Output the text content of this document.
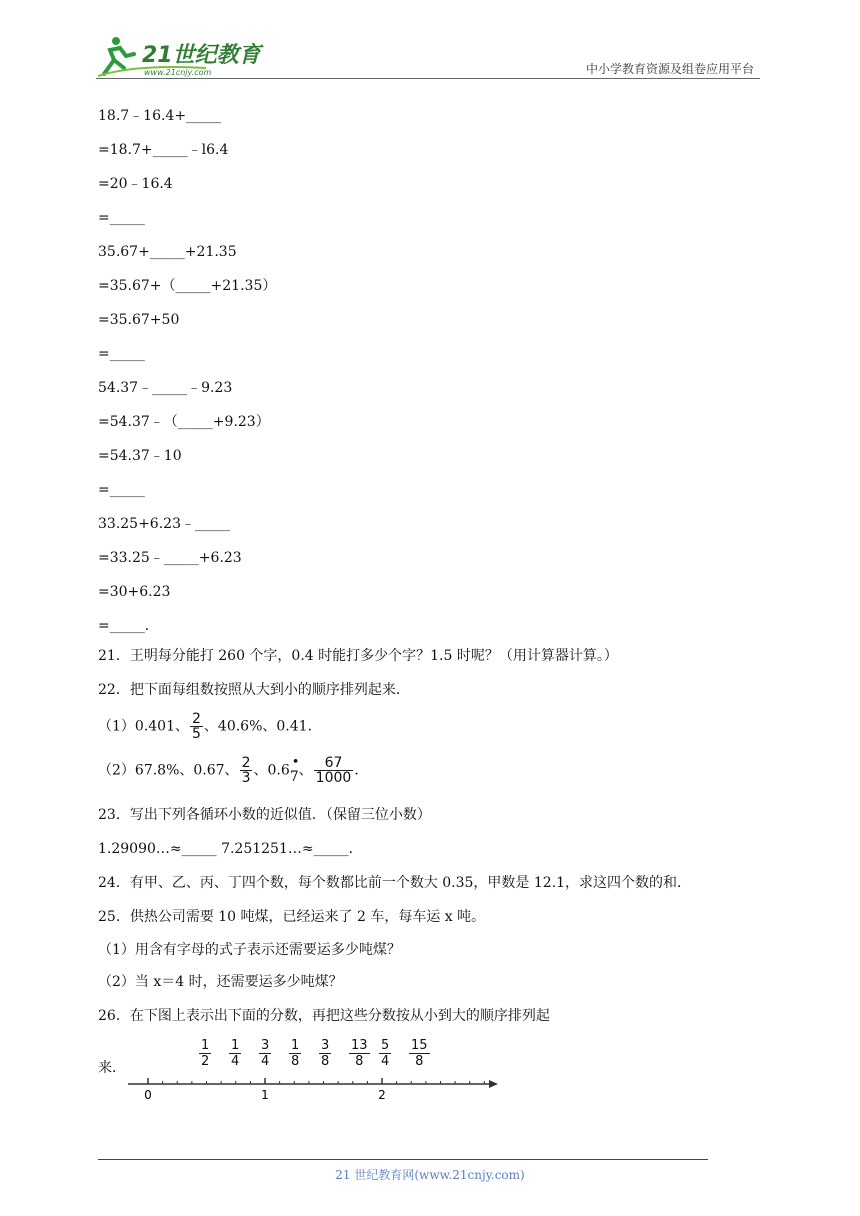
21世纪教育
www.21cnjy.com	中小学教育资源及组卷应用平台
18.7﹣16.4+_____
=18.7+_____﹣l6.4
=20﹣16.4
=_____
35.67+_____+21.35
=35.67+（_____+21.35）
=35.67+50
=_____
54.37﹣_____﹣9.23
=54.37﹣（_____+9.23）
=54.37﹣10
=_____
33.25+6.23﹣_____
=33.25﹣_____+6.23
=30+6.23
=_____．
21．王明每分能打 260 个字，0.4 时能打多少个字？1.5 时呢？（用计算器计算。）
22．把下面每组数按照从大到小的顺序排列起来．
（1）0.401、 $\frac{2}{5}$ 、40.6%、0.41．
（2）67.8%、0.67、 $\frac{2}{3}$ 、0.6• 7、 $\frac{67}{1000}$ ．
23．写出下列各循环小数的近似值．（保留三位小数）
1.29090…≈_____ 7.251251…≈_____．
24．有甲、乙、丙、丁四个数，每个数都比前一个数大 0.35，甲数是 12.1，求这四个数的和．
25．供热公司需要 10 吨煤，已经运来了 2 车，每车运 x 吨。
（1）用含有字母的式子表示还需要运多少吨煤？
（2）当 x＝4 时，还需要运多少吨煤？
26．在下图上表示出下面的分数，再把这些分数按从小到大的顺序排列起
来．	$\frac{1}{2} \frac{1}{4} \frac{3}{4} \frac{1}{8} \frac{3}{8} \frac{13}{8} \frac{5}{4} \frac{15}{8}$
0	1	2
21 世纪教育网(www.21cnjy.com)
